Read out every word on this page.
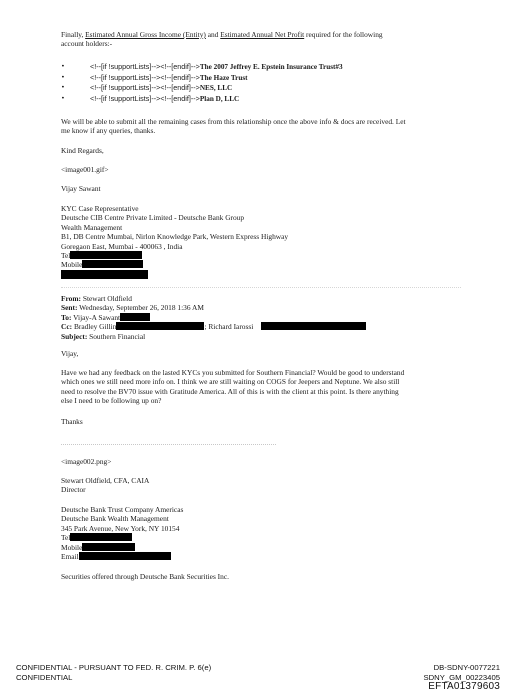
Finally, Estimated Annual Gross Income (Entity) and Estimated Annual Net Profit required for the following
account holders:-
•	<!--[if !supportLists]--><!--[endif]-->The 2007 Jeffrey E. Epstein Insurance Trust#3
•	<!--[if !supportLists]--><!--[endif]-->The Haze Trust
•	<!--[if !supportLists]--><!--[endif]-->NES, LLC
•	<!--[if !supportLists]--><!--[endif]-->Plan D, LLC
We will be able to submit all the remaining cases from this relationship once the above info & docs are received. Let
me know if any queries, thanks.
Kind Regards,
<image001.gif>
Vijay Sawant
KYC Case Representative
Deutsche CIB Centre Private Limited - Deutsche Bank Group
Wealth Management
B1, DB Centre Mumbai, Nirlon Knowledge Park, Western Express Highway
Goregaon East, Mumbai - 400063 , India
Tel
Mobile
From: Stewart Oldfield
Sent: Wednesday, September 26, 2018 1:36 AM
To: Vijay-A Sawant
Cc: Bradley Gillin	; Richard Iarossi
Subject: Southern Financial
Vijay,
Have we had any feedback on the lasted KYCs you submitted for Southern Financial? Would be good to understand
which ones we still need more info on. I think we are still waiting on COGS for Jeepers and Neptune. We also still
need to resolve the BV70 issue with Gratitude America. All of this is with the client at this point. Is there anything
else I need to be following up on?
Thanks
<image002.png>
Stewart Oldfield, CFA, CAIA
Director
Deutsche Bank Trust Company Americas
Deutsche Bank Wealth Management
345 Park Avenue, New York, NY 10154
Tel
Mobile
Email
Securities offered through Deutsche Bank Securities Inc.
CONFIDENTIAL - PURSUANT TO FED. R. CRIM. P. 6(e)
CONFIDENTIAL
DB-SDNY-0077221
SDNY_GM_00223405
EFTA01379603
